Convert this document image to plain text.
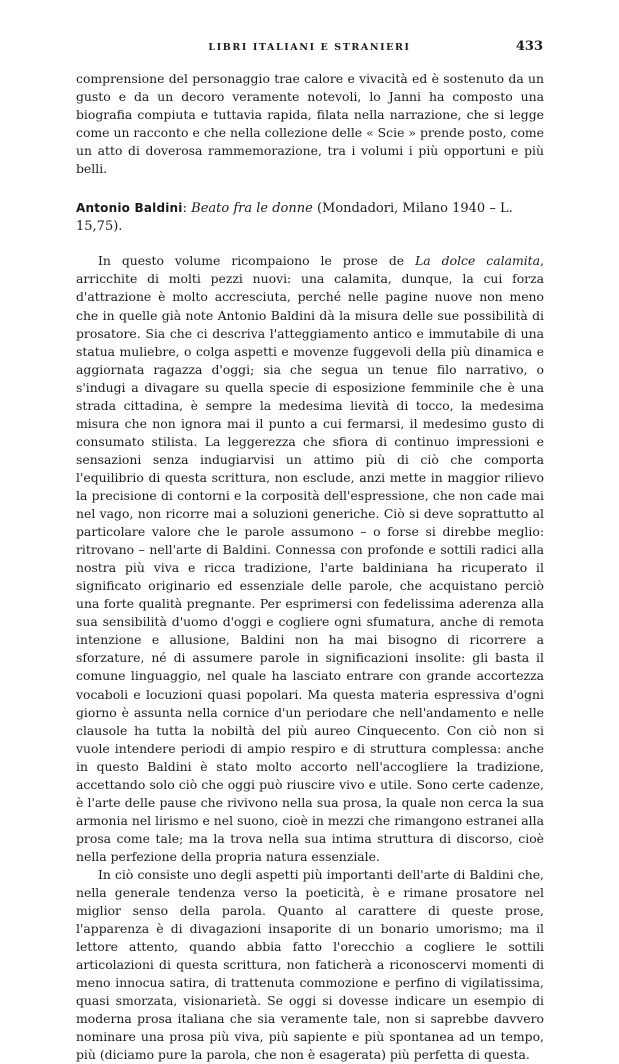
LIBRI ITALIANI E STRANIERI	433

comprensione del personaggio trae calore e vivacità ed è sostenuto da un gusto e da un decoro veramente notevoli, lo Janni ha composto una biografia compiuta e tuttavia rapida, filata nella narrazione, che si legge come un racconto e che nella collezione delle « Scie » prende posto, come un atto di doverosa rammemorazione, tra i volumi i più opportuni e più belli.

Antonio Baldini: Beato fra le donne (Mondadori, Milano 1940 – L. 15,75).

In questo volume ricompaiono le prose de La dolce calamita, arricchite di molti pezzi nuovi: una calamita, dunque, la cui forza d'attrazione è molto accresciuta, perché nelle pagine nuove non meno che in quelle già note Antonio Baldini dà la misura delle sue possibilità di prosatore. Sia che ci descriva l'atteggiamento antico e immutabile di una statua muliebre, o colga aspetti e movenze fuggevoli della più dinamica e aggiornata ragazza d'oggi; sia che segua un tenue filo narrativo, o s'indugi a divagare su quella specie di esposizione femminile che è una strada cittadina, è sempre la medesima lievità di tocco, la medesima misura che non ignora mai il punto a cui fermarsi, il medesimo gusto di consumato stilista. La leggerezza che sfiora di continuo impressioni e sensazioni senza indugiarvisi un attimo più di ciò che comporta l'equilibrio di questa scrittura, non esclude, anzi mette in maggior rilievo la precisione di contorni e la corposità dell'espressione, che non cade mai nel vago, non ricorre mai a soluzioni generiche. Ciò si deve soprattutto al particolare valore che le parole assumono – o forse si direbbe meglio: ritrovano – nell'arte di Baldini. Connessa con profonde e sottili radici alla nostra più viva e ricca tradizione, l'arte baldiniana ha ricuperato il significato originario ed essenziale delle parole, che acquistano perciò una forte qualità pregnante. Per esprimersi con fedelissima aderenza alla sua sensibilità d'uomo d'oggi e cogliere ogni sfumatura, anche di remota intenzione e allusione, Baldini non ha mai bisogno di ricorrere a sforzature, né di assumere parole in significazioni insolite: gli basta il comune linguaggio, nel quale ha lasciato entrare con grande accortezza vocaboli e locuzioni quasi popolari. Ma questa materia espressiva d'ogni giorno è assunta nella cornice d'un periodare che nell'andamento e nelle clausole ha tutta la nobiltà del più aureo Cinquecento. Con ciò non si vuole intendere periodi di ampio respiro e di struttura complessa: anche in questo Baldini è stato molto accorto nell'accogliere la tradizione, accettando solo ciò che oggi può riuscire vivo e utile. Sono certe cadenze, è l'arte delle pause che rivivono nella sua prosa, la quale non cerca la sua armonia nel lirismo e nel suono, cioè in mezzi che rimangono estranei alla prosa come tale; ma la trova nella sua intima struttura di discorso, cioè nella perfezione della propria natura essenziale.

In ciò consiste uno degli aspetti più importanti dell'arte di Baldini che, nella generale tendenza verso la poeticità, è e rimane prosatore nel miglior senso della parola. Quanto al carattere di queste prose, l'apparenza è di divagazioni insaporite di un bonario umorismo; ma il lettore attento, quando abbia fatto l'orecchio a cogliere le sottili articolazioni di questa scrittura, non faticherà a riconoscervi momenti di meno innocua satira, di trattenuta commozione e perfino di vigilatissima, quasi smorzata, visionarietà. Se oggi si dovesse indicare un esempio di moderna prosa italiana che sia veramente tale, non si saprebbe davvero nominare una prosa più viva, più sapiente e più spontanea ad un tempo, più (diciamo pure la parola, che non è esagerata) più perfetta di questa.
